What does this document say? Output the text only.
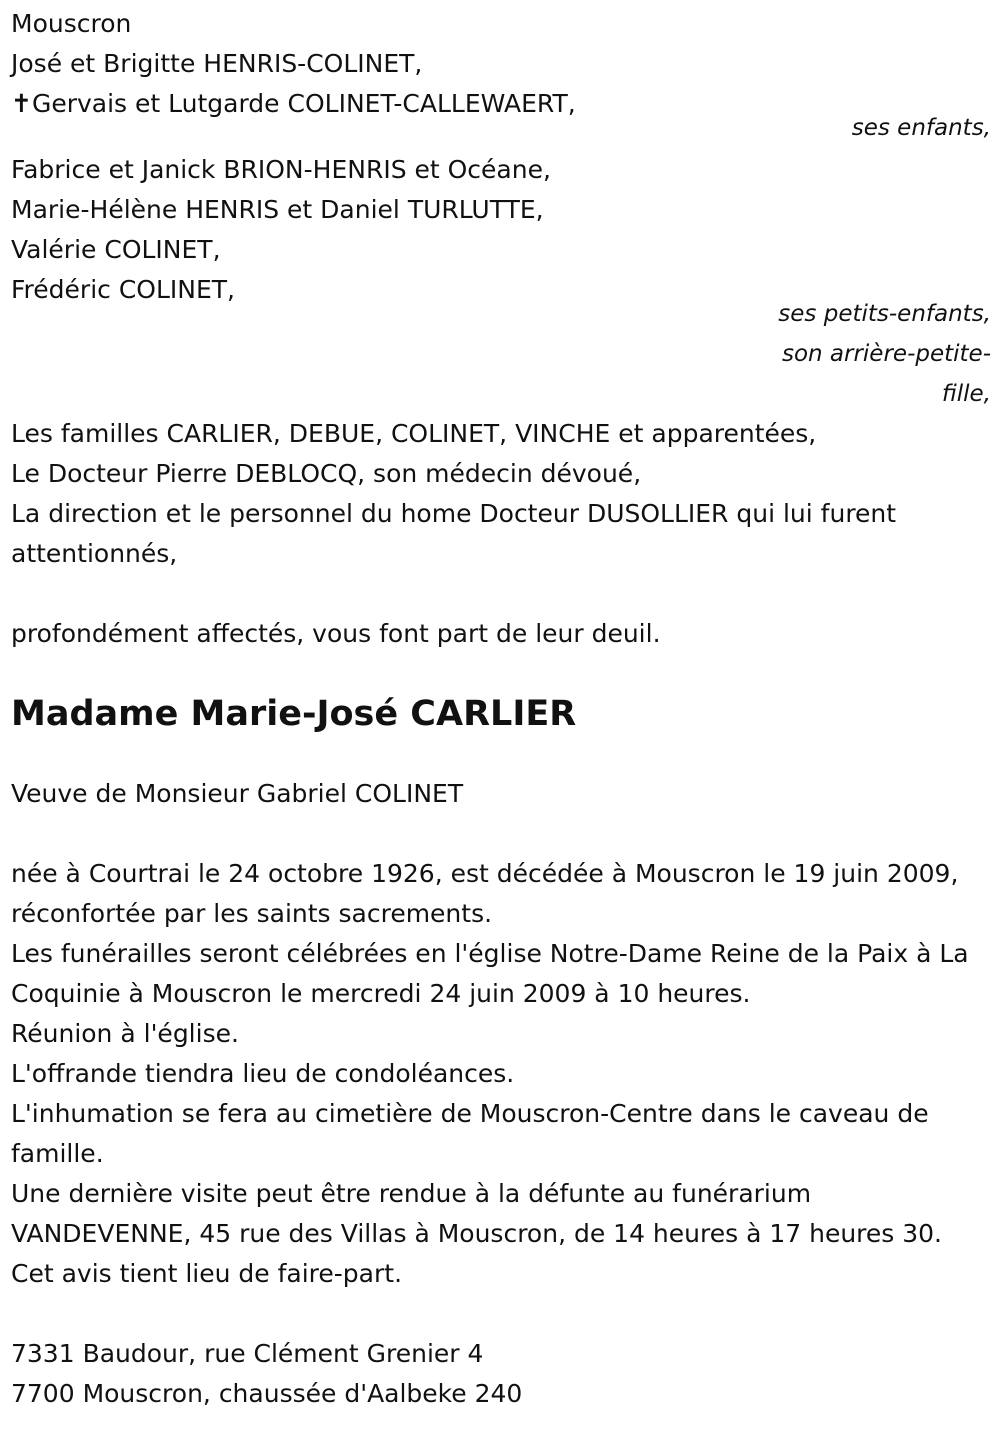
Mouscron
José et Brigitte HENRIS-COLINET,
✝Gervais et Lutgarde COLINET-CALLEWAERT,
ses enfants,
Fabrice et Janick BRION-HENRIS et Océane,
Marie-Hélène HENRIS et Daniel TURLUTTE,
Valérie COLINET,
Frédéric COLINET,
ses petits-enfants,
son arrière-petite-
fille,
Les familles CARLIER, DEBUE, COLINET, VINCHE et apparentées,
Le Docteur Pierre DEBLOCQ, son médecin dévoué,
La direction et le personnel du home Docteur DUSOLLIER qui lui furent attentionnés,
profondément affectés, vous font part de leur deuil.
Madame Marie-José CARLIER
Veuve de Monsieur Gabriel COLINET
née à Courtrai le 24 octobre 1926, est décédée à Mouscron le 19 juin 2009, réconfortée par les saints sacrements.
Les funérailles seront célébrées en l'église Notre-Dame Reine de la Paix à La Coquinie à Mouscron le mercredi 24 juin 2009 à 10 heures.
Réunion à l'église.
L'offrande tiendra lieu de condoléances.
L'inhumation se fera au cimetière de Mouscron-Centre dans le caveau de famille.
Une dernière visite peut être rendue à la défunte au funérarium VANDEVENNE, 45 rue des Villas à Mouscron, de 14 heures à 17 heures 30.
Cet avis tient lieu de faire-part.
7331 Baudour, rue Clément Grenier 4
7700 Mouscron, chaussée d'Aalbeke 240
